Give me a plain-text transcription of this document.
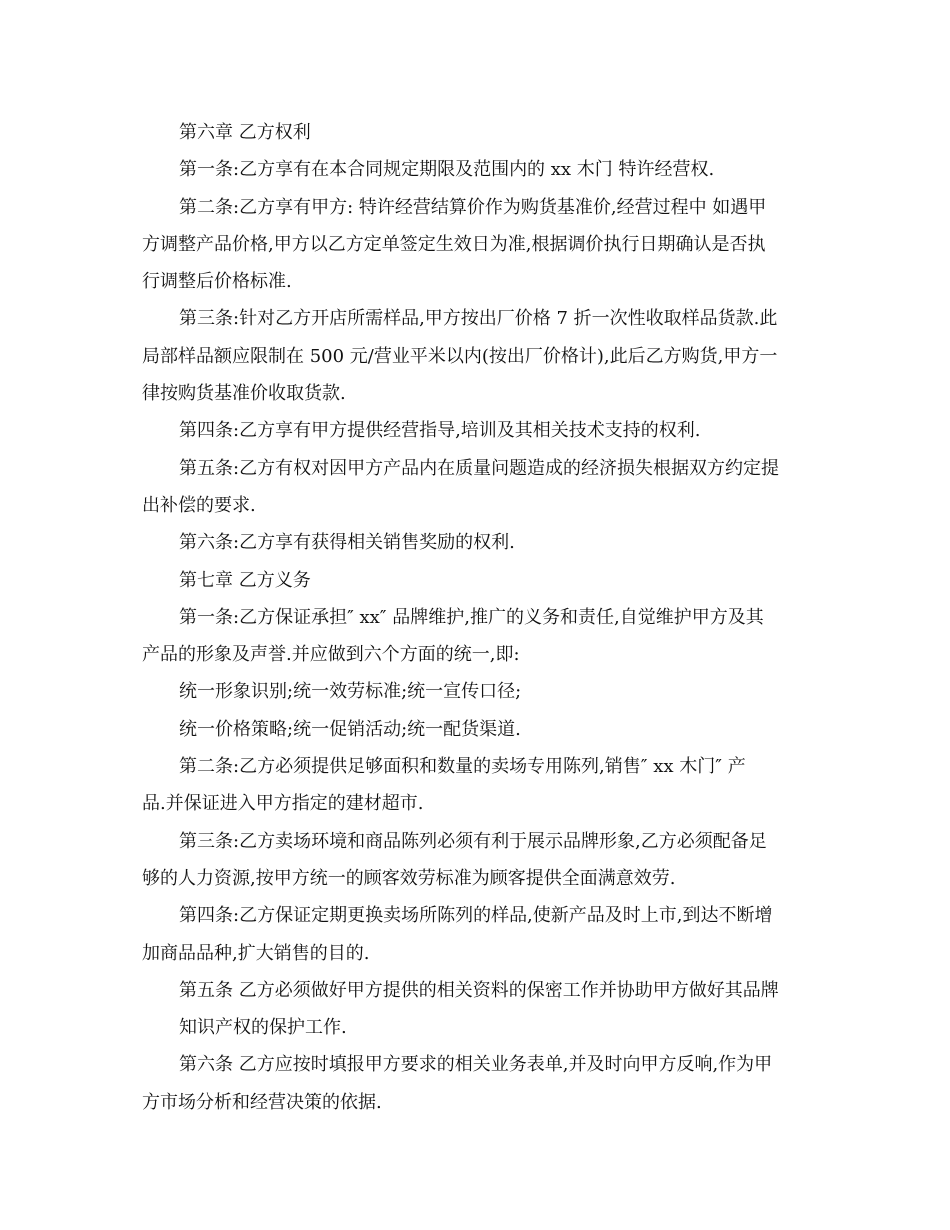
第六章 乙方权利
第一条:乙方享有在本合同规定期限及范围内的 xx 木门 特许经营权.
第二条:乙方享有甲方: 特许经营结算价作为购货基准价,经营过程中 如遇甲
方调整产品价格,甲方以乙方定单签定生效日为准,根据调价执行日期确认是否执
行调整后价格标准.
第三条:针对乙方开店所需样品,甲方按出厂价格 7 折一次性收取样品货款.此
局部样品额应限制在 500 元/营业平米以内(按出厂价格计),此后乙方购货,甲方一
律按购货基准价收取货款.
第四条:乙方享有甲方提供经营指导,培训及其相关技术支持的权利.
第五条:乙方有权对因甲方产品内在质量问题造成的经济损失根据双方约定提
出补偿的要求.
第六条:乙方享有获得相关销售奖励的权利.
第七章 乙方义务
第一条:乙方保证承担″ xx″ 品牌维护,推广的义务和责任,自觉维护甲方及其
产品的形象及声誉.并应做到六个方面的统一,即:
统一形象识别;统一效劳标准;统一宣传口径;
统一价格策略;统一促销活动;统一配货渠道.
第二条:乙方必须提供足够面积和数量的卖场专用陈列,销售″ xx 木门″ 产
品.并保证进入甲方指定的建材超市.
第三条:乙方卖场环境和商品陈列必须有利于展示品牌形象,乙方必须配备足
够的人力资源,按甲方统一的顾客效劳标准为顾客提供全面满意效劳.
第四条:乙方保证定期更换卖场所陈列的样品,使新产品及时上市,到达不断增
加商品品种,扩大销售的目的.
第五条 乙方必须做好甲方提供的相关资料的保密工作并协助甲方做好其品牌
知识产权的保护工作.
第六条 乙方应按时填报甲方要求的相关业务表单,并及时向甲方反响,作为甲
方市场分析和经营决策的依据.
